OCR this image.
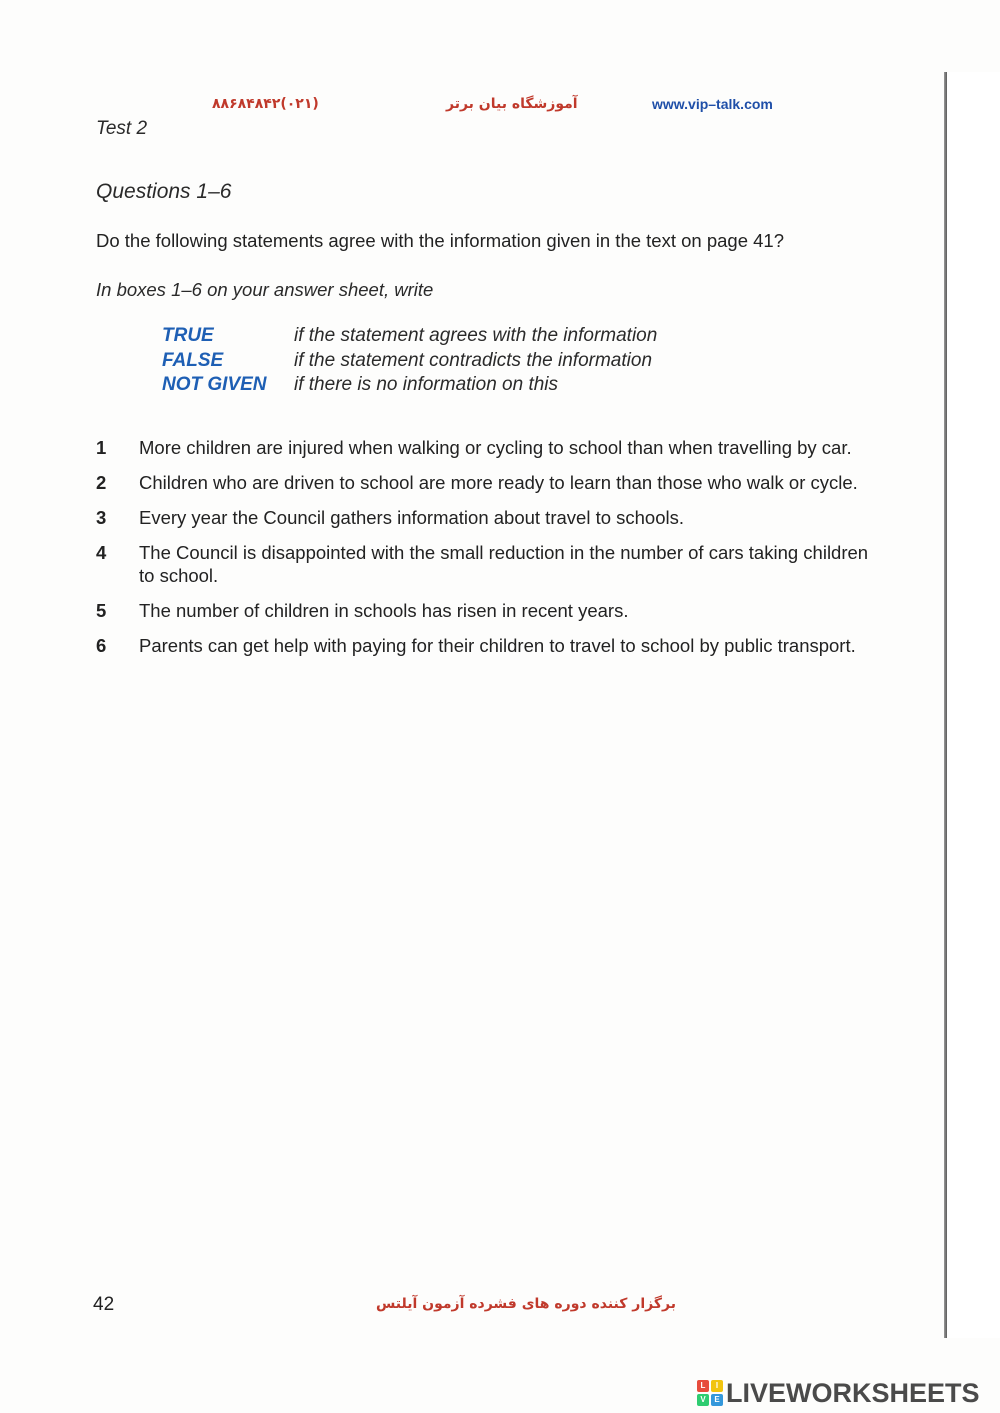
(۰۲۱)۸۸۶۸۴۸۴۲	آموزشگاه بیان برتر	www.vip–talk.com
Test 2
Questions 1–6
Do the following statements agree with the information given in the text on page 41?
In boxes 1–6 on your answer sheet, write
TRUE	if the statement agrees with the information
FALSE	if the statement contradicts the information
NOT GIVEN if there is no information on this
1 More children are injured when walking or cycling to school than when travelling by car.
2 Children who are driven to school are more ready to learn than those who walk or cycle.
3 Every year the Council gathers information about travel to schools.
4 The Council is disappointed with the small reduction in the number of cars taking children to school.
5 The number of children in schools has risen in recent years.
6 Parents can get help with paying for their children to travel to school by public transport.
42	برگزار کننده دوره های فشرده آزمون آیلتس
L	I
V	E LIVEWORKSHEETS
